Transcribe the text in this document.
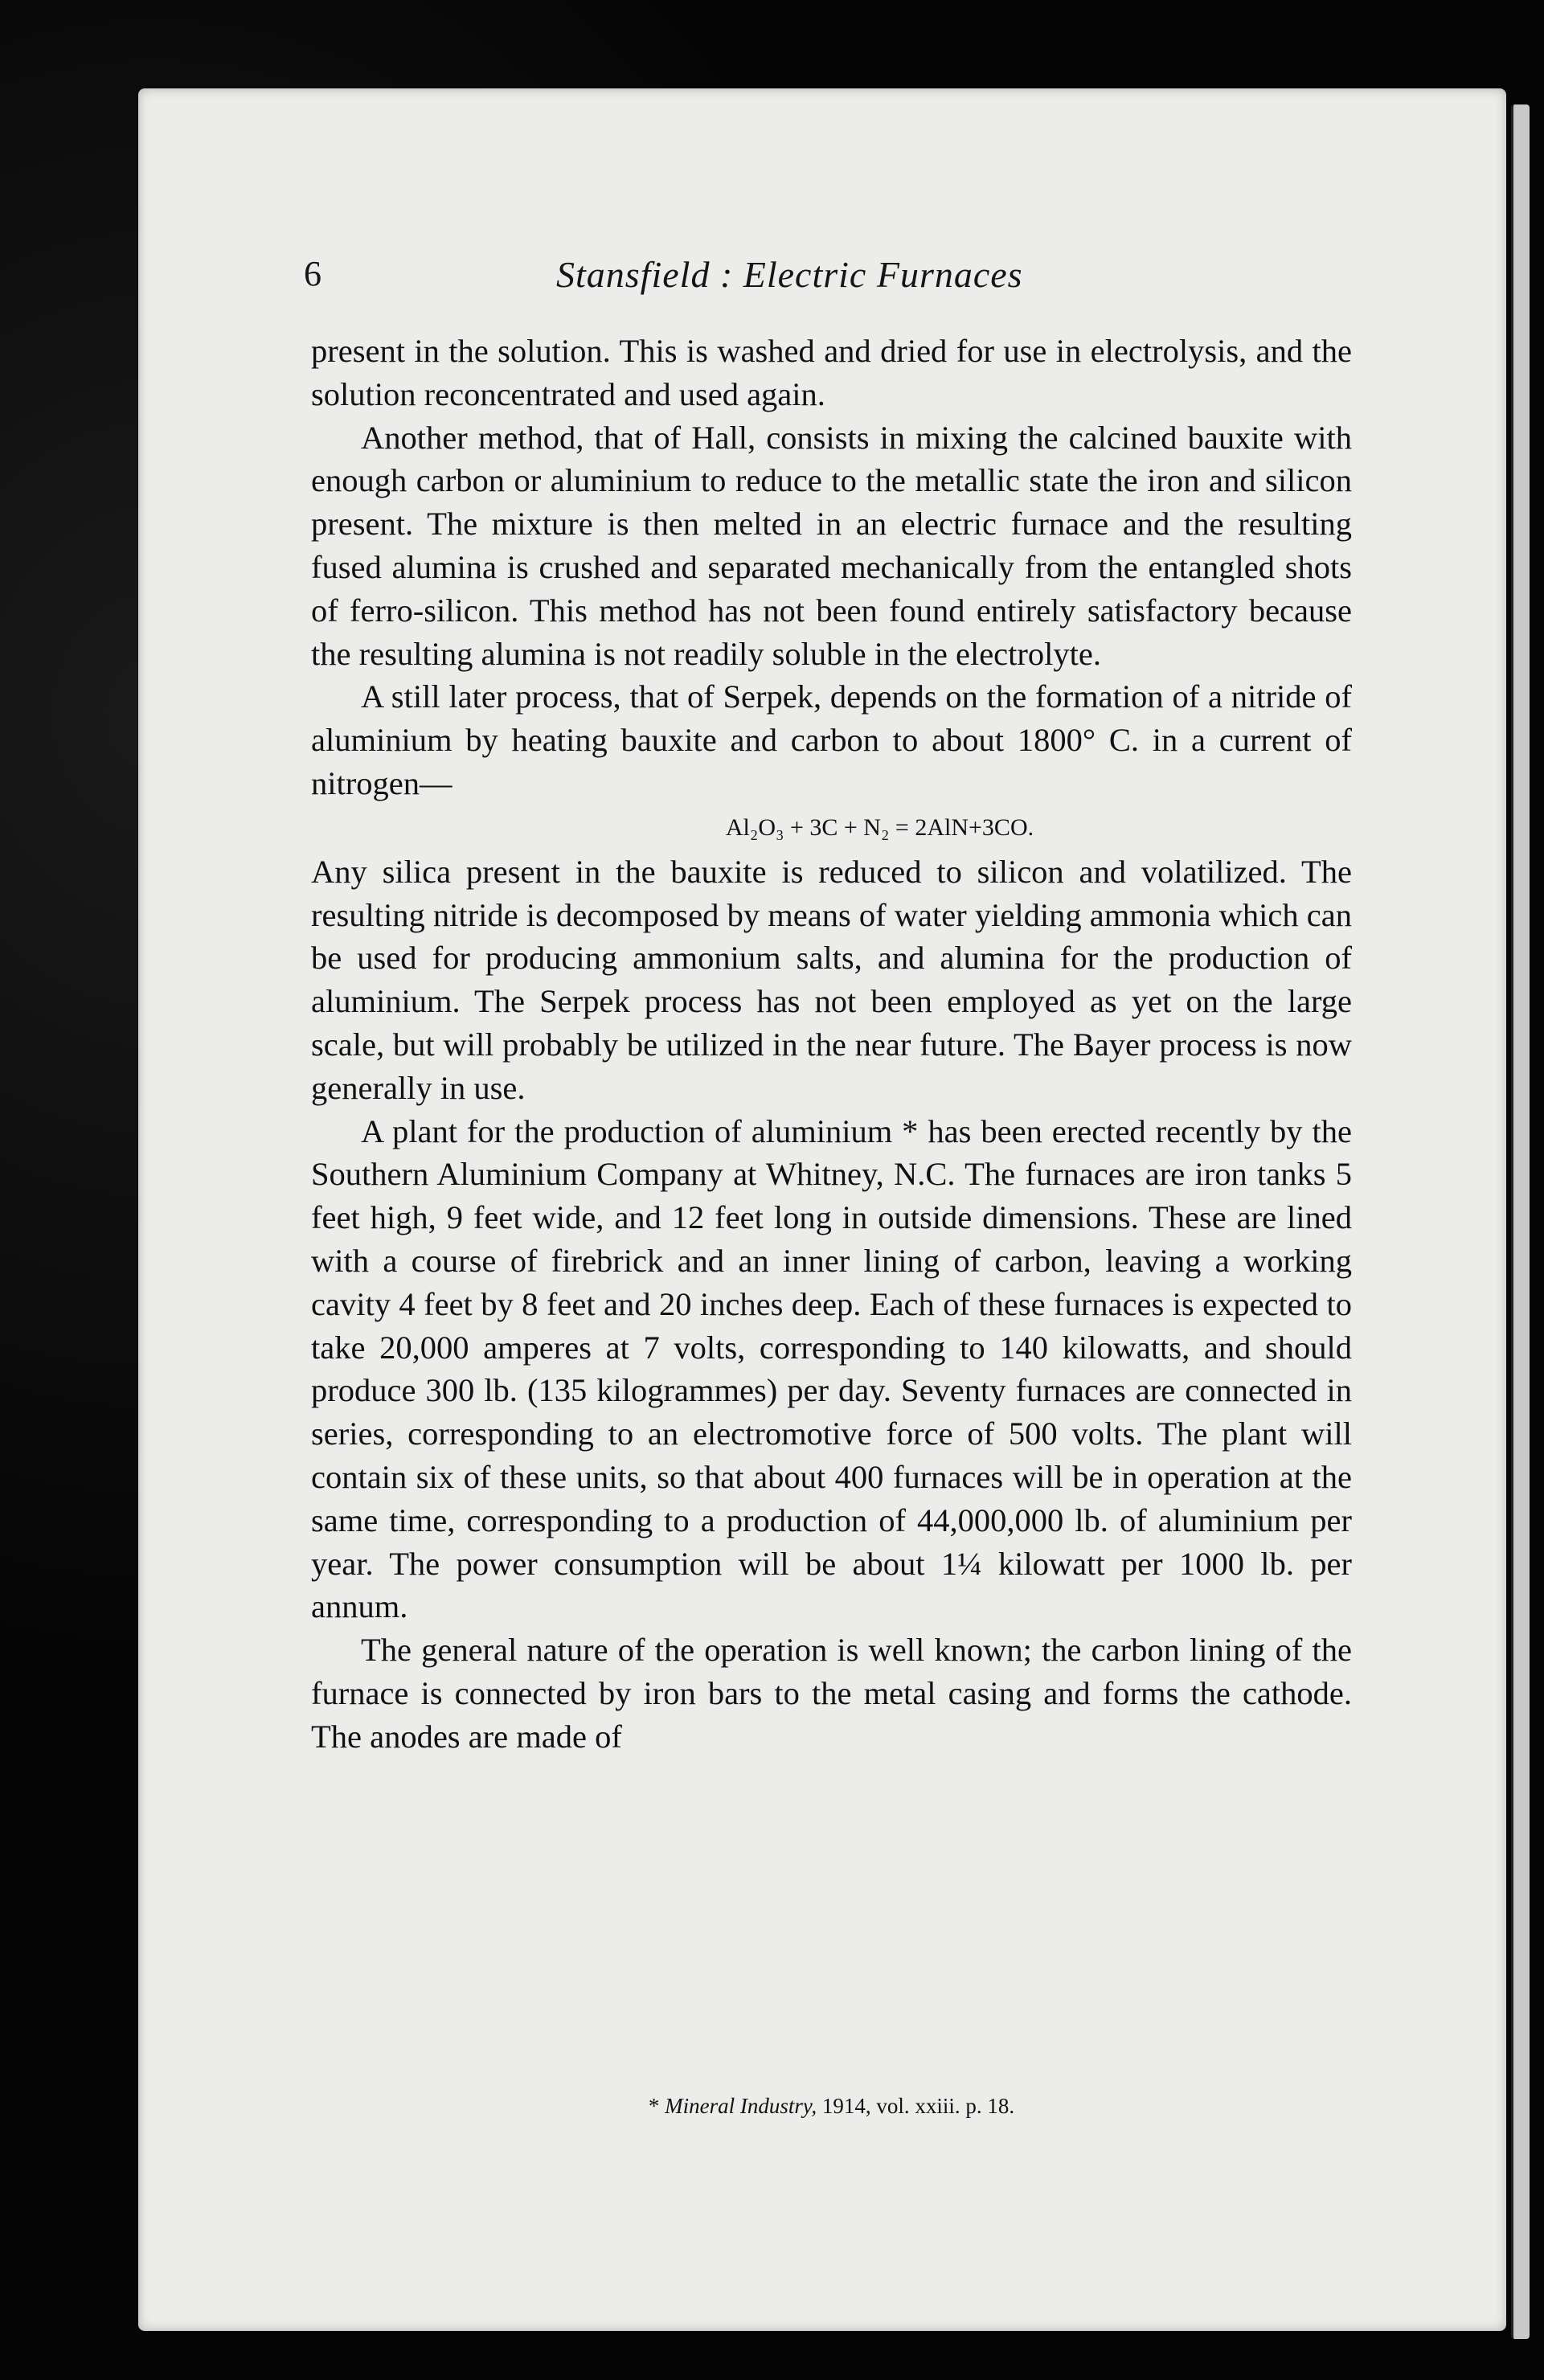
6	Stansfield : Electric Furnaces

present in the solution. This is washed and dried for use in electrolysis, and the solution reconcentrated and used again.

Another method, that of Hall, consists in mixing the calcined bauxite with enough carbon or aluminium to reduce to the metallic state the iron and silicon present. The mixture is then melted in an electric furnace and the resulting fused alumina is crushed and separated mechanically from the entangled shots of ferro-silicon. This method has not been found entirely satisfactory because the resulting alumina is not readily soluble in the electrolyte.

A still later process, that of Serpek, depends on the formation of a nitride of aluminium by heating bauxite and carbon to about 1800° C. in a current of nitrogen—

Al₂O₃ + 3C + N₂ = 2AlN+3CO.

Any silica present in the bauxite is reduced to silicon and volatilized. The resulting nitride is decomposed by means of water yielding ammonia which can be used for producing ammonium salts, and alumina for the production of aluminium. The Serpek process has not been employed as yet on the large scale, but will probably be utilized in the near future. The Bayer process is now generally in use.

A plant for the production of aluminium * has been erected recently by the Southern Aluminium Company at Whitney, N.C. The furnaces are iron tanks 5 feet high, 9 feet wide, and 12 feet long in outside dimensions. These are lined with a course of firebrick and an inner lining of carbon, leaving a working cavity 4 feet by 8 feet and 20 inches deep. Each of these furnaces is expected to take 20,000 amperes at 7 volts, corresponding to 140 kilowatts, and should produce 300 lb. (135 kilogrammes) per day. Seventy furnaces are connected in series, corresponding to an electromotive force of 500 volts. The plant will contain six of these units, so that about 400 furnaces will be in operation at the same time, corresponding to a production of 44,000,000 lb. of aluminium per year. The power consumption will be about 1¼ kilowatt per 1000 lb. per annum.

The general nature of the operation is well known; the carbon lining of the furnace is connected by iron bars to the metal casing and forms the cathode. The anodes are made of

* Mineral Industry, 1914, vol. xxiii. p. 18.
